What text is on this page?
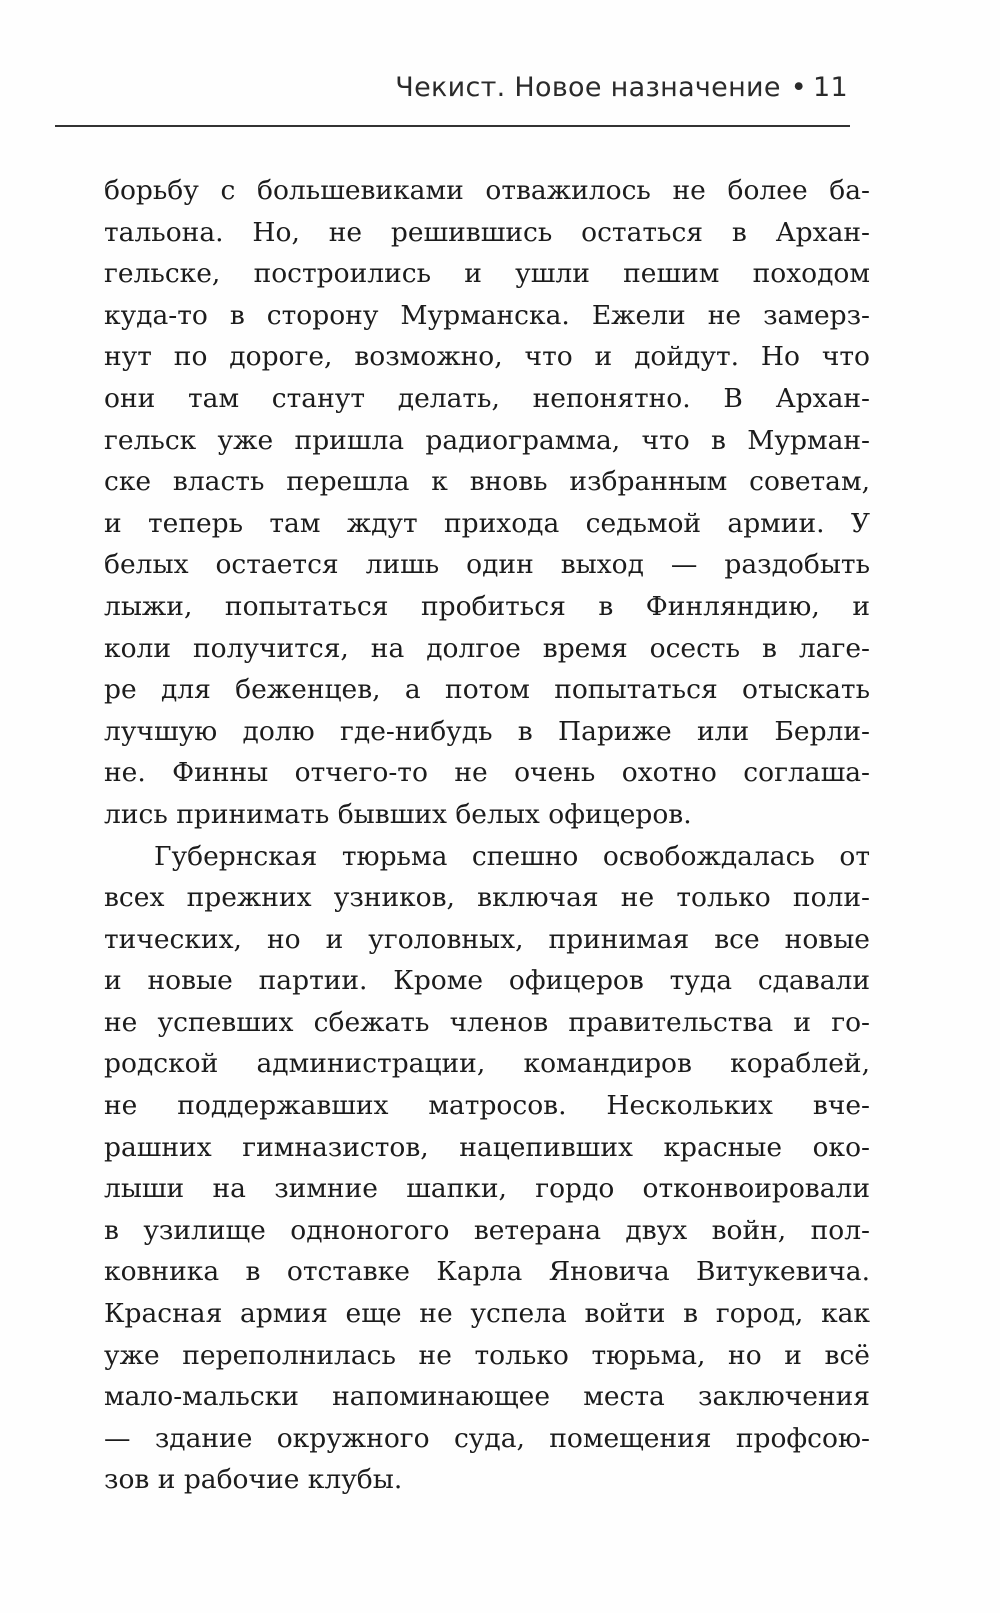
Чекист. Новое назначение • 11
борьбу с большевиками отважилось не более ба-
тальона. Но, не решившись остаться в Архан-
гельске, построились и ушли пешим походом
куда-то в сторону Мурманска. Ежели не замерз-
нут по дороге, возможно, что и дойдут. Но что
они там станут делать, непонятно. В Архан-
гельск уже пришла радиограмма, что в Мурман-
ске власть перешла к вновь избранным советам,
и теперь там ждут прихода седьмой армии. У
белых остается лишь один выход — раздобыть
лыжи, попытаться пробиться в Финляндию, и
коли получится, на долгое время осесть в лаге-
ре для беженцев, а потом попытаться отыскать
лучшую долю где-нибудь в Париже или Берли-
не. Финны отчего-то не очень охотно соглаша-
лись принимать бывших белых офицеров.
Губернская тюрьма спешно освобождалась от
всех прежних узников, включая не только поли-
тических, но и уголовных, принимая все новые
и новые партии. Кроме офицеров туда сдавали
не успевших сбежать членов правительства и го-
родской администрации, командиров кораблей,
не поддержавших матросов. Нескольких вче-
рашних гимназистов, нацепивших красные око-
лыши на зимние шапки, гордо отконвоировали
в узилище одноногого ветерана двух войн, пол-
ковника в отставке Карла Яновича Витукевича.
Красная армия еще не успела войти в город, как
уже переполнилась не только тюрьма, но и всё
мало-мальски напоминающее места заключения
— здание окружного суда, помещения профсою-
зов и рабочие клубы.
